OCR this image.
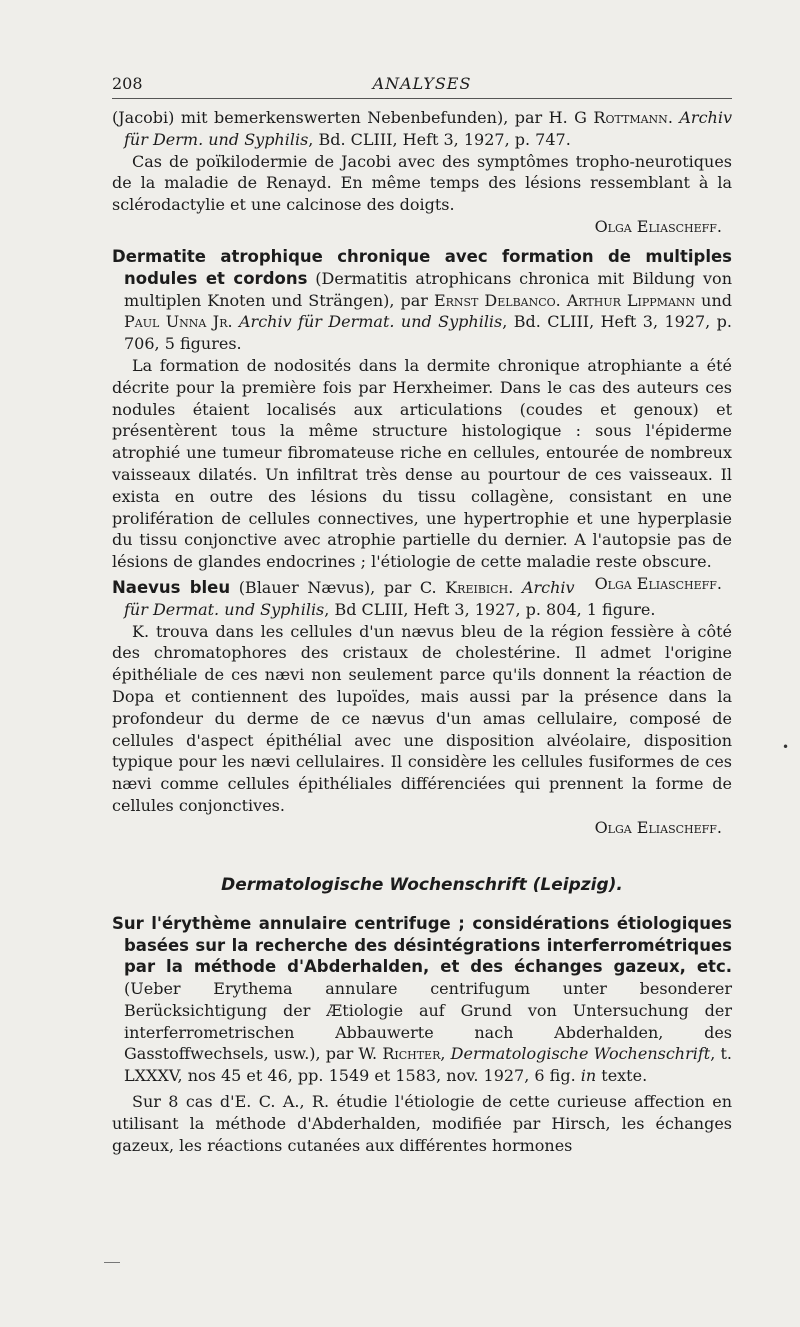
208	ANALYSES

(Jacobi) mit bemerkenswerten Nebenbefunden), par H. G Rottmann. Archiv für Derm. und Syphilis, Bd. CLIII, Heft 3, 1927, p. 747.

Cas de poïkilodermie de Jacobi avec des symptômes tropho-neurotiques de la maladie de Renayd. En même temps des lésions ressemblant à la sclérodactylie et une calcinose des doigts.

Olga Eliascheff.

Dermatite atrophique chronique avec formation de multiples nodules et cordons (Dermatitis atrophicans chronica mit Bildung von multiplen Knoten und Strängen), par Ernst Delbanco. Arthur Lippmann und Paul Unna Jr. Archiv für Dermat. und Syphilis, Bd. CLIII, Heft 3, 1927, p. 706, 5 figures.

La formation de nodosités dans la dermite chronique atrophiante a été décrite pour la première fois par Herxheimer. Dans le cas des auteurs ces nodules étaient localisés aux articulations (coudes et genoux) et présentèrent tous la même structure histologique : sous l'épiderme atrophié une tumeur fibromateuse riche en cellules, entourée de nombreux vaisseaux dilatés. Un infiltrat très dense au pourtour de ces vaisseaux. Il exista en outre des lésions du tissu collagène, consistant en une prolifération de cellules connectives, une hypertrophie et une hyperplasie du tissu conjonctive avec atrophie partielle du dernier. A l'autopsie pas de lésions de glandes endocrines ; l'étiologie de cette maladie reste obscure.
Olga Eliascheff.

Naevus bleu (Blauer Nævus), par C. Kreibich. Archiv für Dermat. und Syphilis, Bd CLIII, Heft 3, 1927, p. 804, 1 figure.

K. trouva dans les cellules d'un nævus bleu de la région fessière à côté des chromatophores des cristaux de cholestérine. Il admet l'origine épithéliale de ces nævi non seulement parce qu'ils donnent la réaction de Dopa et contiennent des lupoïdes, mais aussi par la présence dans la profondeur du derme de ce nævus d'un amas cellulaire, composé de cellules d'aspect épithélial avec une disposition alvéolaire, disposition typique pour les nævi cellulaires. Il considère les cellules fusiformes de ces nævi comme cellules épithéliales différenciées qui prennent la forme de cellules conjonctives.

Olga Eliascheff.
Dermatologische Wochenschrift (Leipzig).

Sur l'érythème annulaire centrifuge ; considérations étiologiques basées sur la recherche des désintégrations interferrométriques par la méthode d'Abderhalden, et des échanges gazeux, etc. (Ueber Erythema annulare centrifugum unter besonderer Berücksichtigung der Ætiologie auf Grund von Untersuchung der interferrometrischen Abbauwerte nach Abderhalden, des Gasstoffwechsels, usw.), par W. Richter, Dermatologische Wochenschrift, t. LXXXV, nos 45 et 46, pp. 1549 et 1583, nov. 1927, 6 fig. in texte.

Sur 8 cas d'E. C. A., R. étudie l'étiologie de cette curieuse affection en utilisant la méthode d'Abderhalden, modifiée par Hirsch, les échanges gazeux, les réactions cutanées aux différentes hormones

•
